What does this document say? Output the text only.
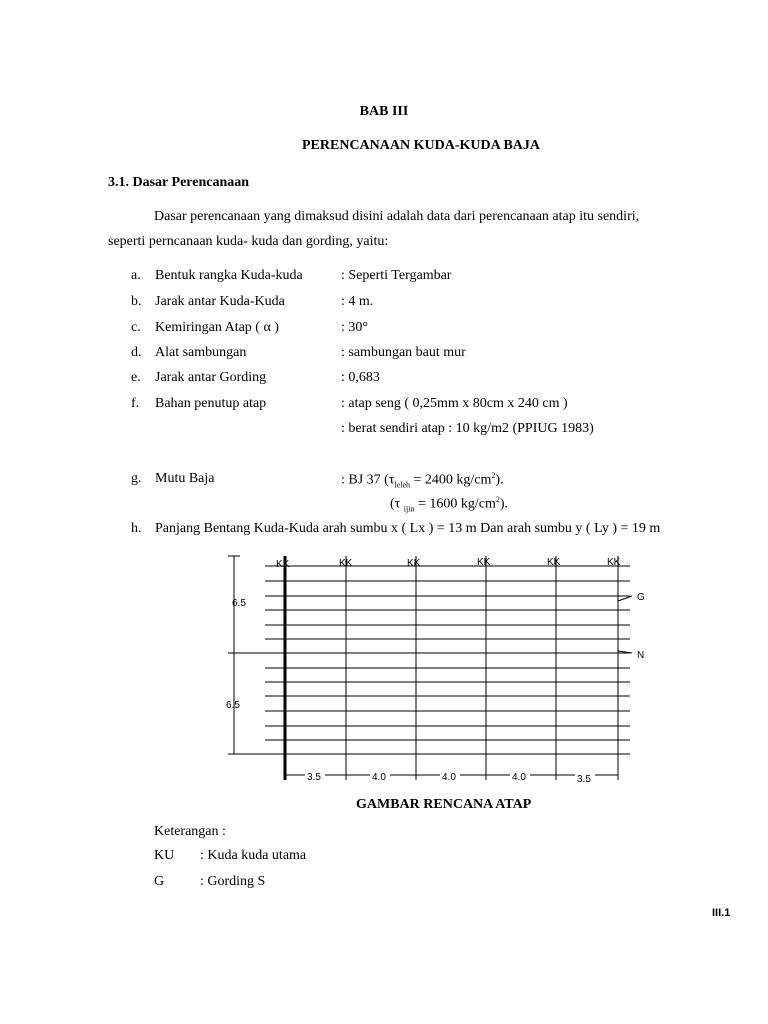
BAB III
PERENCANAAN KUDA-KUDA BAJA
3.1. Dasar Perencanaan
Dasar perencanaan yang dimaksud disini adalah data dari perencanaan atap itu sendiri,
seperti perncanaan kuda- kuda dan gording, yaitu:
a. Bentuk rangka Kuda-kuda	: Seperti Tergambar
b. Jarak antar Kuda-Kuda	: 4 m.
c. Kemiringan Atap ( α )	: 30°
d. Alat sambungan	: sambungan baut mur
e. Jarak antar Gording	: 0,683
f. Bahan penutup atap	: atap seng ( 0,25mm x 80cm x 240 cm )
: berat sendiri atap : 10 kg/m2 (PPIUG 1983)
g. Mutu Baja	: BJ 37 ($\tau_{leleh} = 2400$ $kg/cm^2$).
(τ $_{ijin}$ = 1600 $kg/cm^2$).
h. Panjang Bentang Kuda-Kuda arah sumbu x ( Lx ) = 13 m Dan arah sumbu y ( Ly ) = 19 m
KK	KK	KK	KK	KK	KK
6.5
6.5
G
N
3.5	4.0	4.0	4.0	3.5
GAMBAR RENCANA ATAP
Keterangan :
KU : Kuda kuda utama
G	: Gording S
III.1
